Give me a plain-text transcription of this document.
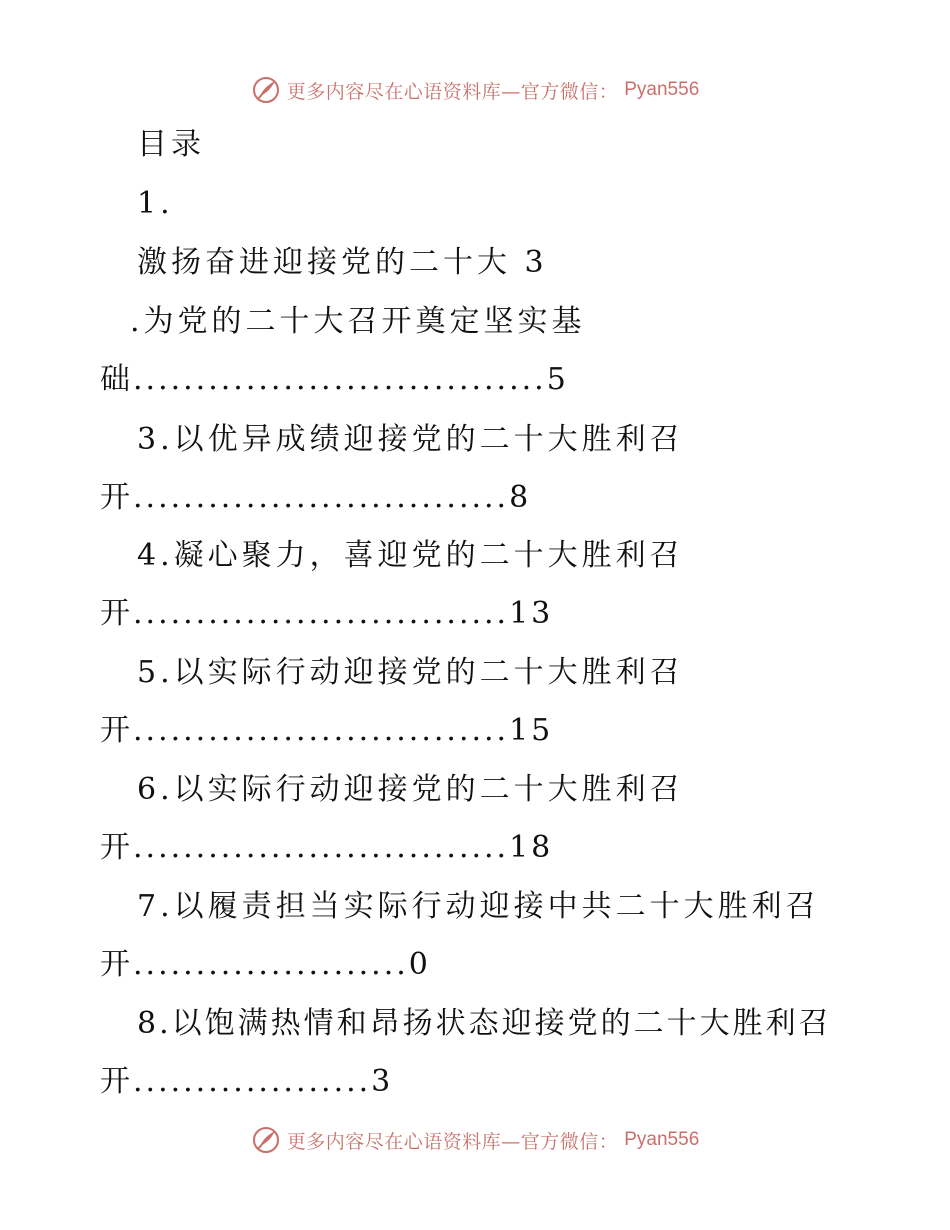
更多内容尽在心语资料库—官方微信： Pyan556
目录
1.
激扬奋进迎接党的二十大 3
.为党的二十大召开奠定坚实基
础.................................5
3.以优异成绩迎接党的二十大胜利召
开..............................8
4.凝心聚力，喜迎党的二十大胜利召
开..............................13
5.以实际行动迎接党的二十大胜利召
开..............................15
6.以实际行动迎接党的二十大胜利召
开..............................18
7.以履责担当实际行动迎接中共二十大胜利召
开......................0
8.以饱满热情和昂扬状态迎接党的二十大胜利召
开...................3
更多内容尽在心语资料库—官方微信： Pyan556
